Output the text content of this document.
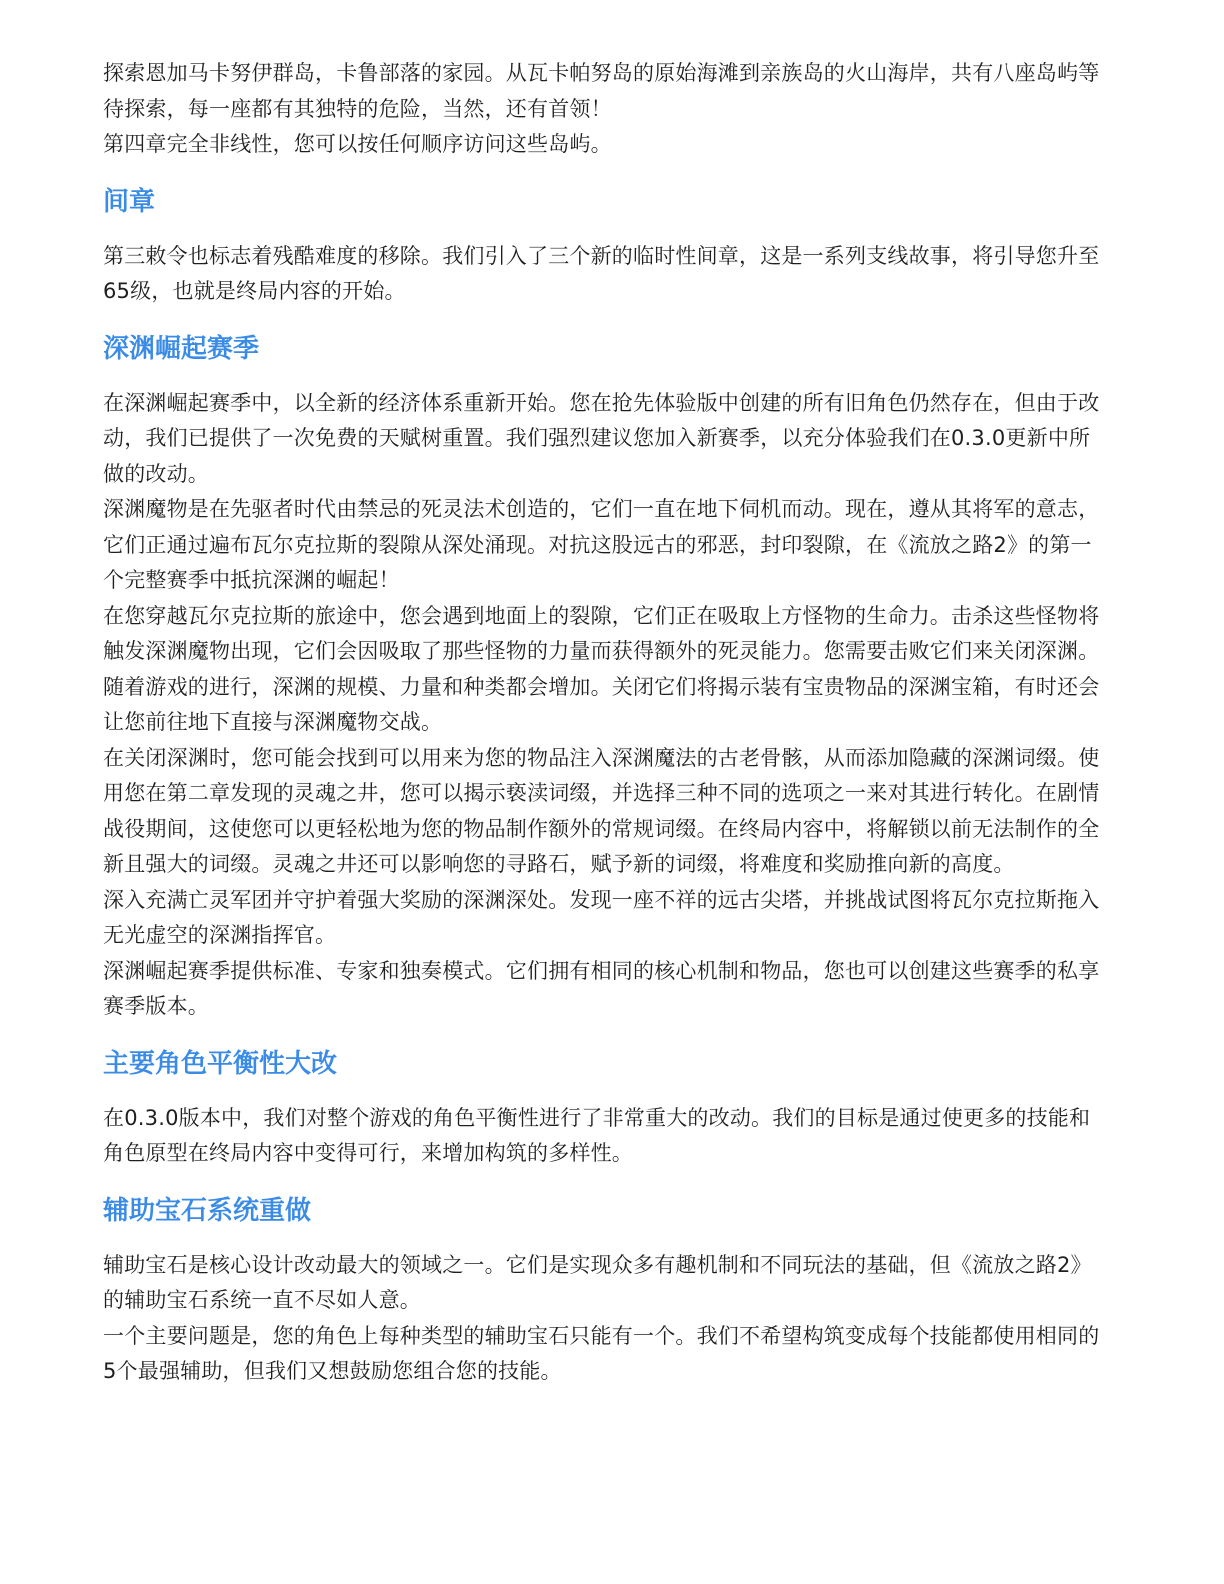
探索恩加马卡努伊群岛，卡鲁部落的家园。从瓦卡帕努岛的原始海滩到亲族岛的火山海岸，共有八座岛屿等待探索，每一座都有其独特的危险，当然，还有首领！

第四章完全非线性，您可以按任何顺序访问这些岛屿。

间章

第三敕令也标志着残酷难度的移除。我们引入了三个新的临时性间章，这是一系列支线故事，将引导您升至65级，也就是终局内容的开始。

深渊崛起赛季

在深渊崛起赛季中，以全新的经济体系重新开始。您在抢先体验版中创建的所有旧角色仍然存在，但由于改动，我们已提供了一次免费的天赋树重置。我们强烈建议您加入新赛季，以充分体验我们在0.3.0更新中所做的改动。

深渊魔物是在先驱者时代由禁忌的死灵法术创造的，它们一直在地下伺机而动。现在，遵从其将军的意志，它们正通过遍布瓦尔克拉斯的裂隙从深处涌现。对抗这股远古的邪恶，封印裂隙，在《流放之路2》的第一个完整赛季中抵抗深渊的崛起！

在您穿越瓦尔克拉斯的旅途中，您会遇到地面上的裂隙，它们正在吸取上方怪物的生命力。击杀这些怪物将触发深渊魔物出现，它们会因吸取了那些怪物的力量而获得额外的死灵能力。您需要击败它们来关闭深渊。

随着游戏的进行，深渊的规模、力量和种类都会增加。关闭它们将揭示装有宝贵物品的深渊宝箱，有时还会让您前往地下直接与深渊魔物交战。

在关闭深渊时，您可能会找到可以用来为您的物品注入深渊魔法的古老骨骸，从而添加隐藏的深渊词缀。使用您在第二章发现的灵魂之井，您可以揭示亵渎词缀，并选择三种不同的选项之一来对其进行转化。在剧情战役期间，这使您可以更轻松地为您的物品制作额外的常规词缀。在终局内容中，将解锁以前无法制作的全新且强大的词缀。灵魂之井还可以影响您的寻路石，赋予新的词缀，将难度和奖励推向新的高度。

深入充满亡灵军团并守护着强大奖励的深渊深处。发现一座不祥的远古尖塔，并挑战试图将瓦尔克拉斯拖入无光虚空的深渊指挥官。

深渊崛起赛季提供标准、专家和独奏模式。它们拥有相同的核心机制和物品，您也可以创建这些赛季的私享赛季版本。

主要角色平衡性大改

在0.3.0版本中，我们对整个游戏的角色平衡性进行了非常重大的改动。我们的目标是通过使更多的技能和角色原型在终局内容中变得可行，来增加构筑的多样性。

辅助宝石系统重做

辅助宝石是核心设计改动最大的领域之一。它们是实现众多有趣机制和不同玩法的基础，但《流放之路2》的辅助宝石系统一直不尽如人意。

一个主要问题是，您的角色上每种类型的辅助宝石只能有一个。我们不希望构筑变成每个技能都使用相同的5个最强辅助，但我们又想鼓励您组合您的技能。
